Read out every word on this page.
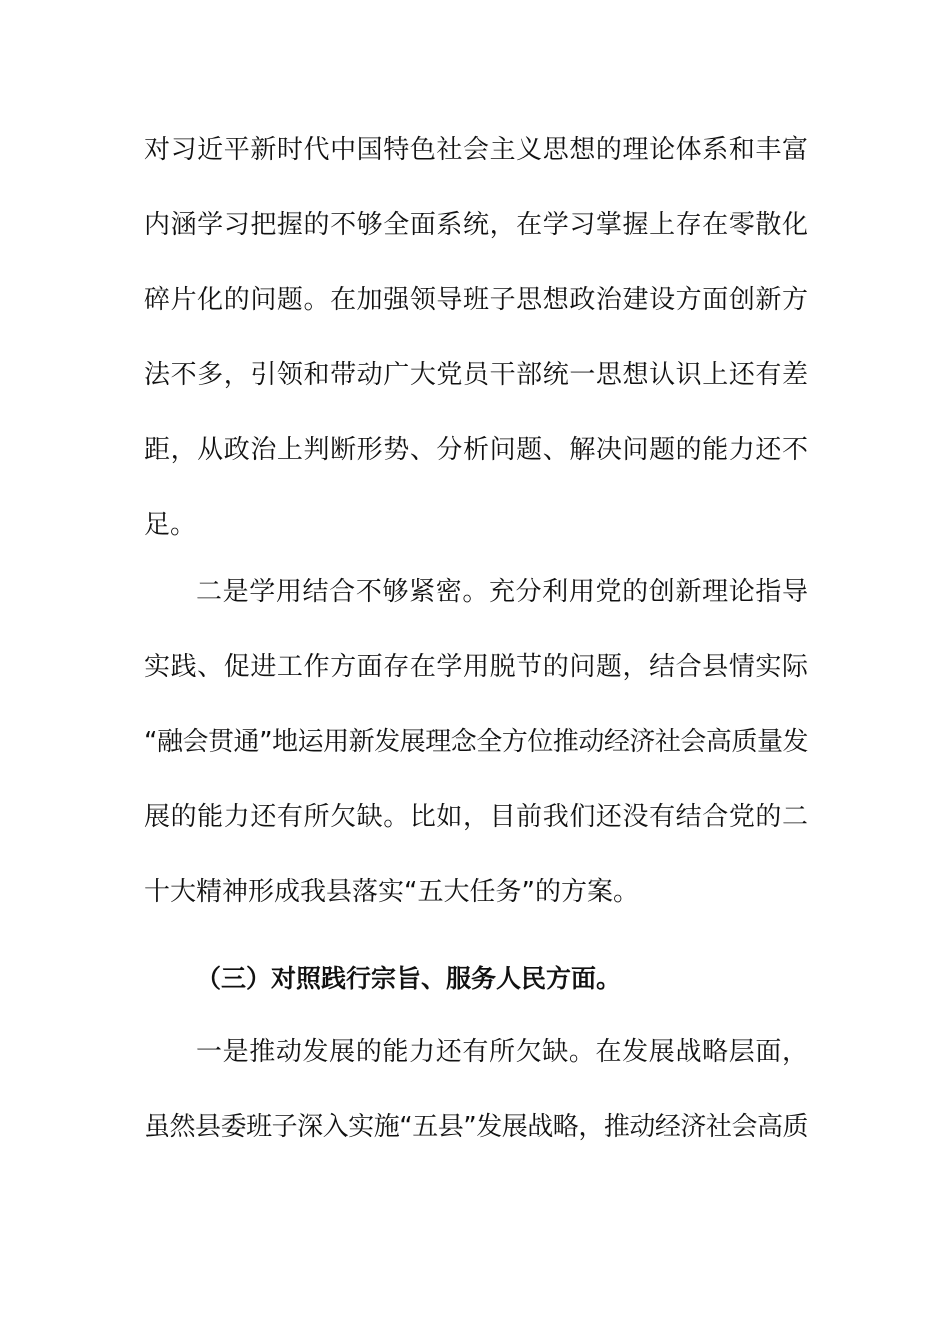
对习近平新时代中国特色社会主义思想的理论体系和丰富
内涵学习把握的不够全面系统，在学习掌握上存在零散化
碎片化的问题。在加强领导班子思想政治建设方面创新方
法不多，引领和带动广大党员干部统一思想认识上还有差
距，从政治上判断形势、分析问题、解决问题的能力还不
足。
二是学用结合不够紧密。充分利用党的创新理论指导
实践、促进工作方面存在学用脱节的问题，结合县情实际
“融会贯通”地运用新发展理念全方位推动经济社会高质量发
展的能力还有所欠缺。比如，目前我们还没有结合党的二
十大精神形成我县落实“五大任务”的方案。
（三）对照践行宗旨、服务人民方面。
一是推动发展的能力还有所欠缺。在发展战略层面，
虽然县委班子深入实施“五县”发展战略，推动经济社会高质
